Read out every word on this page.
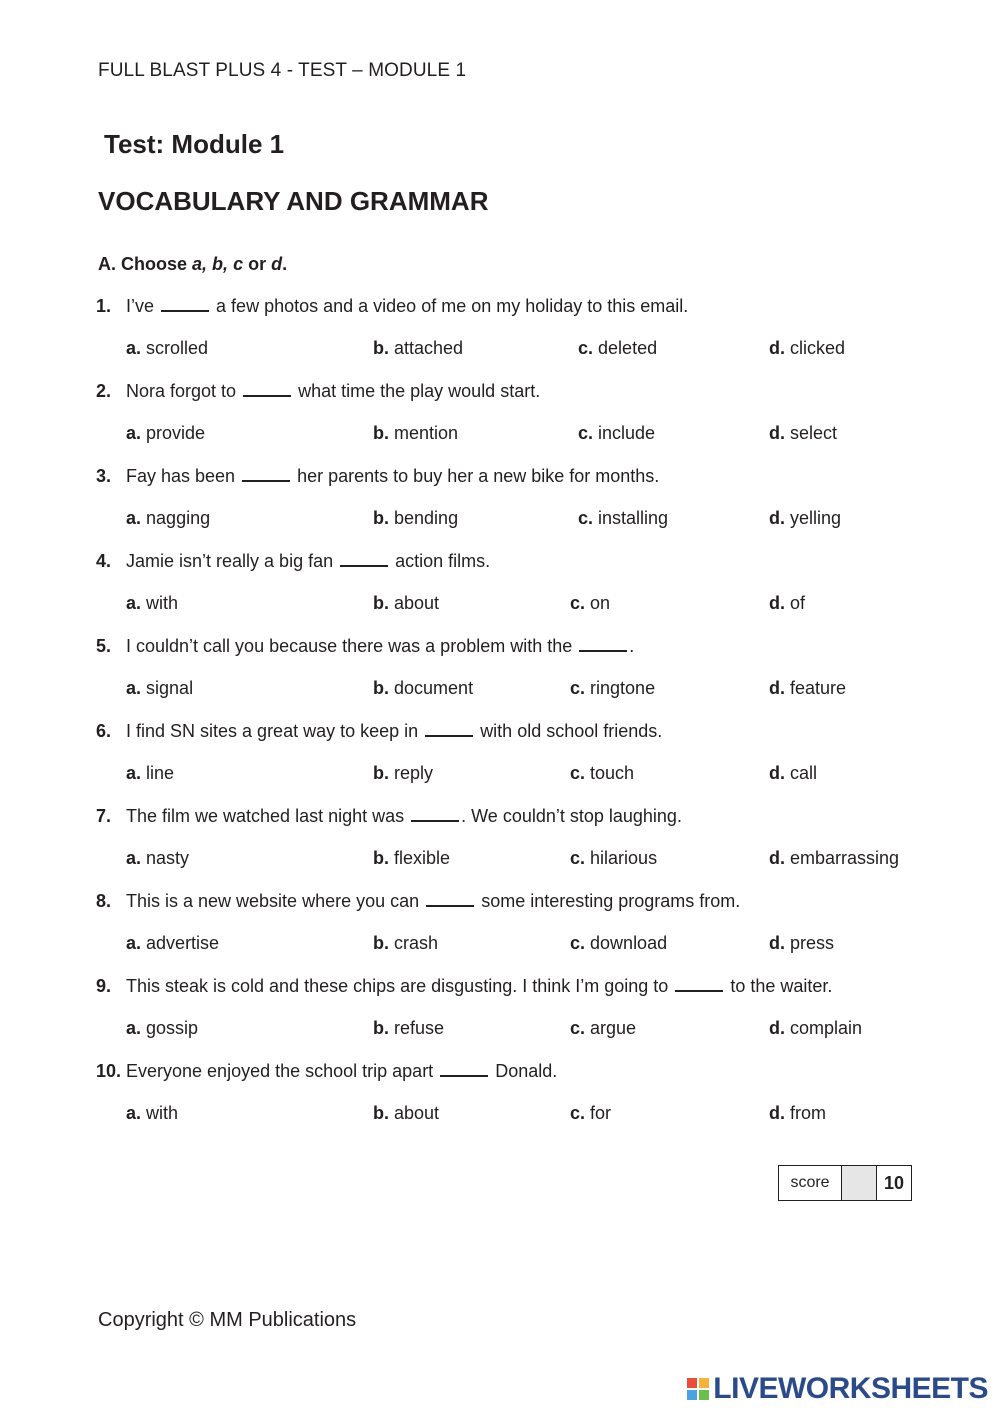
FULL BLAST PLUS 4 - TEST – MODULE 1
Test: Module 1
VOCABULARY AND GRAMMAR
A. Choose a, b, c or d.
1. I’ve	a few photos and a video of me on my holiday to this email.
a. scrolled	b. attached	c. deleted	d. clicked
2. Nora forgot to	what time the play would start.
a. provide	b. mention	c. include	d. select
3. Fay has been	her parents to buy her a new bike for months.
a. nagging	b. bending	c. installing	d. yelling
4. Jamie isn’t really a big fan	action films.
a. with	b. about	c. on	d. of
5. I couldn’t call you because there was a problem with the	.
a. signal	b. document	c. ringtone	d. feature
6. I find SN sites a great way to keep in	with old school friends.
a. line	b. reply	c. touch	d. call
7. The film we watched last night was	. We couldn’t stop laughing.
a. nasty	b. flexible	c. hilarious	d. embarrassing
8. This is a new website where you can	some interesting programs from.
a. advertise	b. crash	c. download	d. press
9. This steak is cold and these chips are disgusting. I think I’m going to	to the waiter.
a. gossip	b. refuse	c. argue	d. complain
10. Everyone enjoyed the school trip apart	Donald.
a. with	b. about	c. for	d. from
score	10
Copyright © MM Publications
LIVEWORKSHEETS
